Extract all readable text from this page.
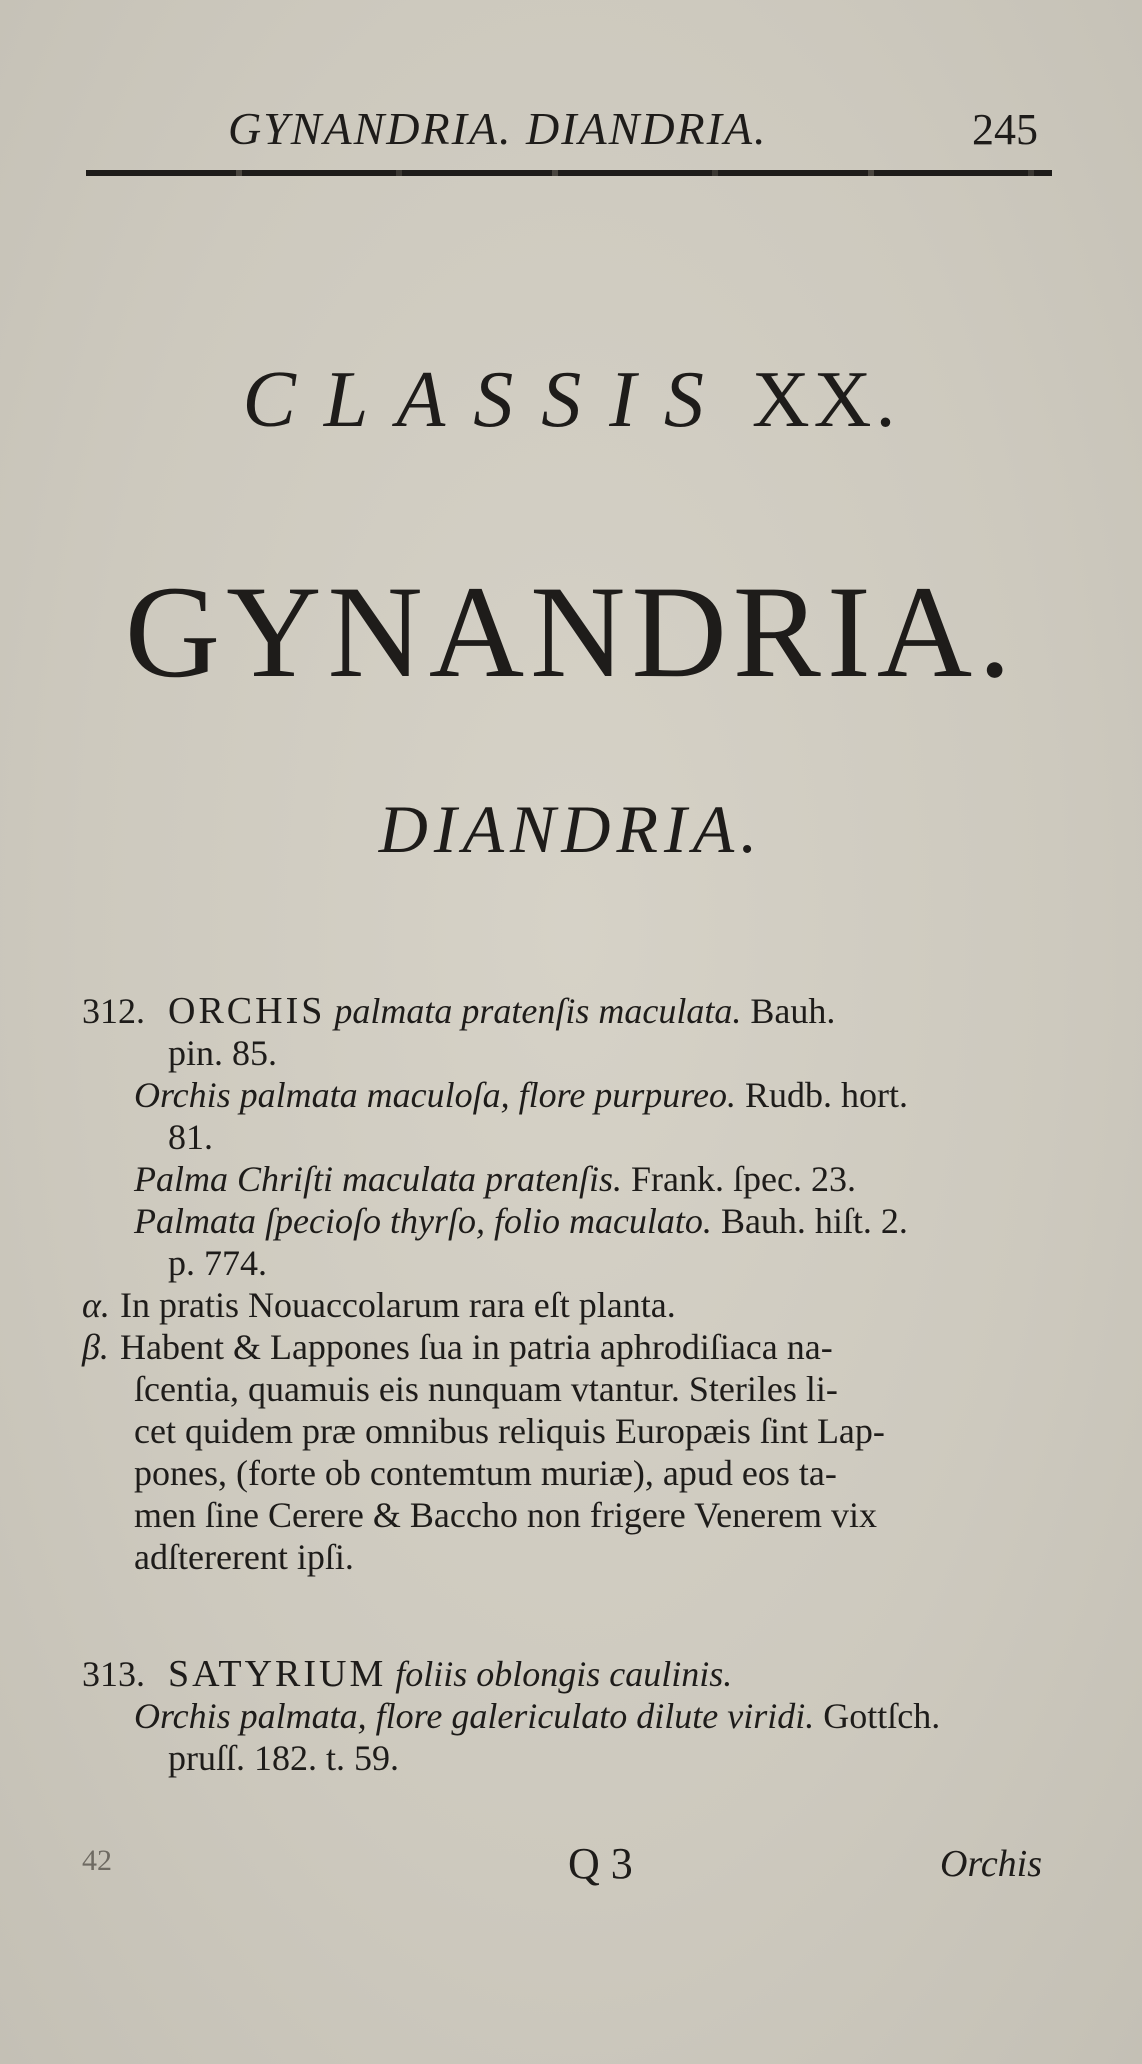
GYNANDRIA. DIANDRIA.	245
CLASSIS XX.
GYNANDRIA.
DIANDRIA.
312. ORCHIS palmata pratenſis maculata. Bauh.
pin. 85.
Orchis palmata maculoſa, flore purpureo. Rudb. hort.
81.
Palma Chriſti maculata pratenſis. Frank. ſpec. 23.
Palmata ſpecioſo thyrſo, folio maculato. Bauh. hiſt. 2.
p. 774.
α. In pratis Nouaccolarum rara eſt planta.
β. Habent & Lappones ſua in patria aphrodiſiaca na-
ſcentia, quamuis eis nunquam vtantur. Steriles li-
cet quidem præ omnibus reliquis Europæis ſint Lap-
pones, (forte ob contemtum muriæ), apud eos ta-
men ſine Cerere & Baccho non frigere Venerem vix
adſtererent ipſi.
313. SATYRIUM foliis oblongis caulinis.
Orchis palmata, flore galericulato dilute viridi. Gottſch.
pruſſ. 182. t. 59.
42	Q 3	Orchis
